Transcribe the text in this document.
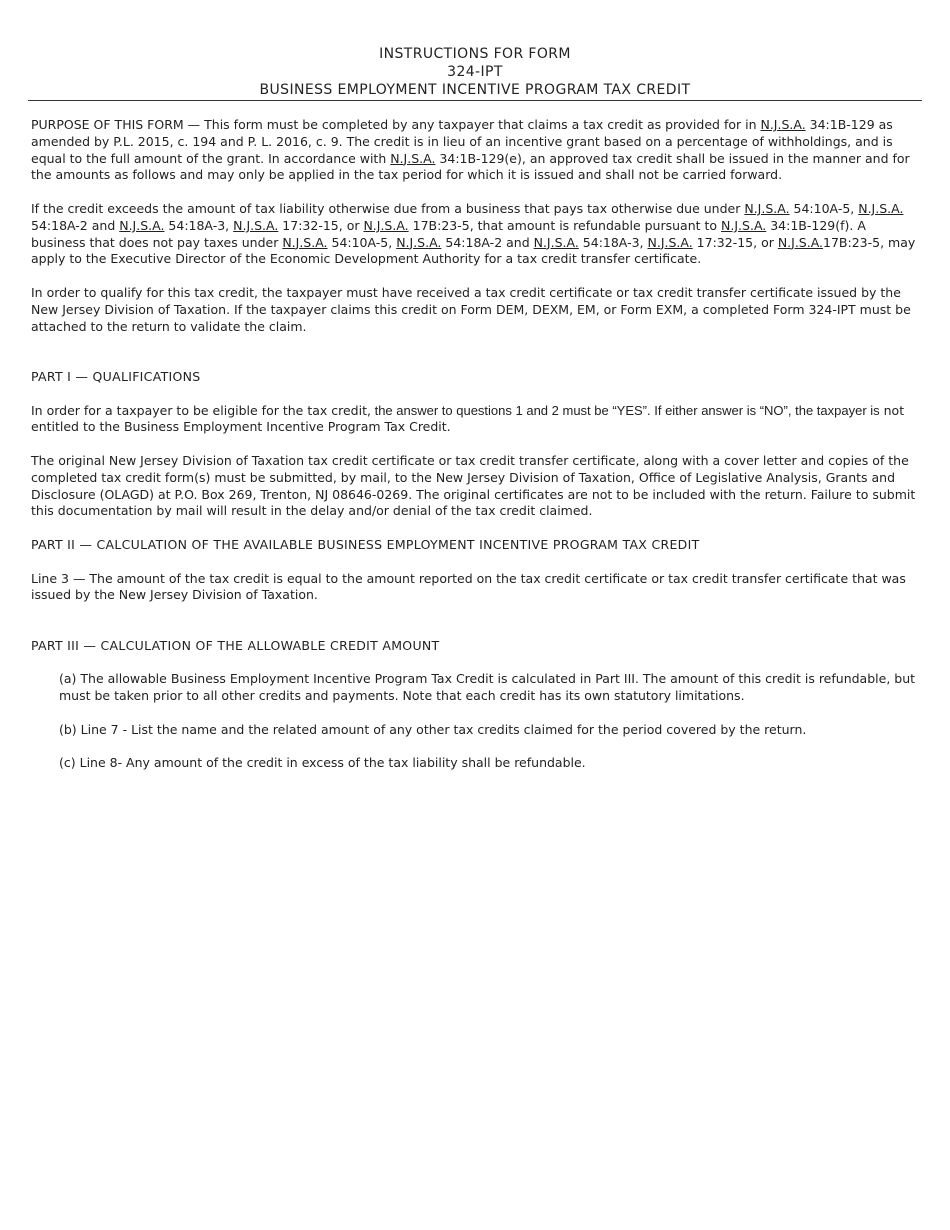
INSTRUCTIONS FOR FORM
324-IPT
BUSINESS EMPLOYMENT INCENTIVE PROGRAM TAX CREDIT

PURPOSE OF THIS FORM — This form must be completed by any taxpayer that claims a tax credit as provided for in N.J.S.A. 34:1B-129 as amended by P.L. 2015, c. 194 and P. L. 2016, c. 9. The credit is in lieu of an incentive grant based on a percentage of withholdings, and is equal to the full amount of the grant. In accordance with N.J.S.A. 34:1B-129(e), an approved tax credit shall be issued in the manner and for the amounts as follows and may only be applied in the tax period for which it is issued and shall not be carried forward.

If the credit exceeds the amount of tax liability otherwise due from a business that pays tax otherwise due under N.J.S.A. 54:10A-5, N.J.S.A. 54:18A-2 and N.J.S.A. 54:18A-3, N.J.S.A. 17:32-15, or N.J.S.A. 17B:23-5, that amount is refundable pursuant to N.J.S.A. 34:1B-129(f). A business that does not pay taxes under N.J.S.A. 54:10A-5, N.J.S.A. 54:18A-2 and N.J.S.A. 54:18A-3, N.J.S.A. 17:32-15, or N.J.S.A.17B:23-5, may apply to the Executive Director of the Economic Development Authority for a tax credit transfer certificate.

In order to qualify for this tax credit, the taxpayer must have received a tax credit certificate or tax credit transfer certificate issued by the New Jersey Division of Taxation. If the taxpayer claims this credit on Form DEM, DEXM, EM, or Form EXM, a completed Form 324-IPT must be attached to the return to validate the claim.

PART I — QUALIFICATIONS

In order for a taxpayer to be eligible for the tax credit, the answer to questions 1 and 2 must be “YES”. If either answer is “NO”, the taxpayer is not entitled to the Business Employment Incentive Program Tax Credit.

The original New Jersey Division of Taxation tax credit certificate or tax credit transfer certificate, along with a cover letter and copies of the completed tax credit form(s) must be submitted, by mail, to the New Jersey Division of Taxation, Office of Legislative Analysis, Grants and Disclosure (OLAGD) at P.O. Box 269, Trenton, NJ 08646-0269. The original certificates are not to be included with the return. Failure to submit this documentation by mail will result in the delay and/or denial of the tax credit claimed.

PART II — CALCULATION OF THE AVAILABLE BUSINESS EMPLOYMENT INCENTIVE PROGRAM TAX CREDIT

Line 3 — The amount of the tax credit is equal to the amount reported on the tax credit certificate or tax credit transfer certificate that was issued by the New Jersey Division of Taxation.

PART III — CALCULATION OF THE ALLOWABLE CREDIT AMOUNT

(a) The allowable Business Employment Incentive Program Tax Credit is calculated in Part III. The amount of this credit is refundable, but must be taken prior to all other credits and payments. Note that each credit has its own statutory limitations.

(b) Line 7 - List the name and the related amount of any other tax credits claimed for the period covered by the return.

(c) Line 8- Any amount of the credit in excess of the tax liability shall be refundable.
